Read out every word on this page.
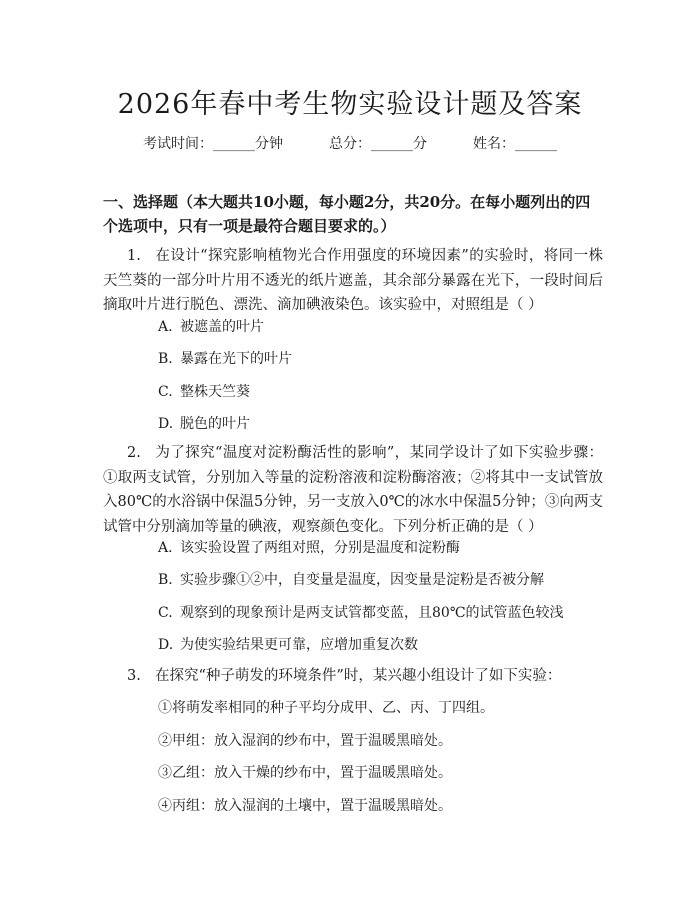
2026年春中考生物实验设计题及答案
考试时间：______分钟	总分：______分	姓名：______

一、选择题（本大题共10小题，每小题2分，共20分。在每小题列出的四个选项中，只有一项是最符合题目要求的。）

1. 在设计“探究影响植物光合作用强度的环境因素”的实验时，将同一株天竺葵的一部分叶片用不透光的纸片遮盖，其余部分暴露在光下，一段时间后摘取叶片进行脱色、漂洗、滴加碘液染色。该实验中，对照组是（ ）

A. 被遮盖的叶片

B. 暴露在光下的叶片

C. 整株天竺葵

D. 脱色的叶片

2. 为了探究“温度对淀粉酶活性的影响”，某同学设计了如下实验步骤：①取两支试管，分别加入等量的淀粉溶液和淀粉酶溶液；②将其中一支试管放入80℃的水浴锅中保温5分钟，另一支放入0℃的冰水中保温5分钟；③向两支试管中分别滴加等量的碘液，观察颜色变化。下列分析正确的是（ ）

A. 该实验设置了两组对照，分别是温度和淀粉酶

B. 实验步骤①②中，自变量是温度，因变量是淀粉是否被分解

C. 观察到的现象预计是两支试管都变蓝，且80℃的试管蓝色较浅

D. 为使实验结果更可靠，应增加重复次数

3. 在探究“种子萌发的环境条件”时，某兴趣小组设计了如下实验：

①将萌发率相同的种子平均分成甲、乙、丙、丁四组。

②甲组：放入湿润的纱布中，置于温暖黑暗处。

③乙组：放入干燥的纱布中，置于温暖黑暗处。

④丙组：放入湿润的土壤中，置于温暖黑暗处。
